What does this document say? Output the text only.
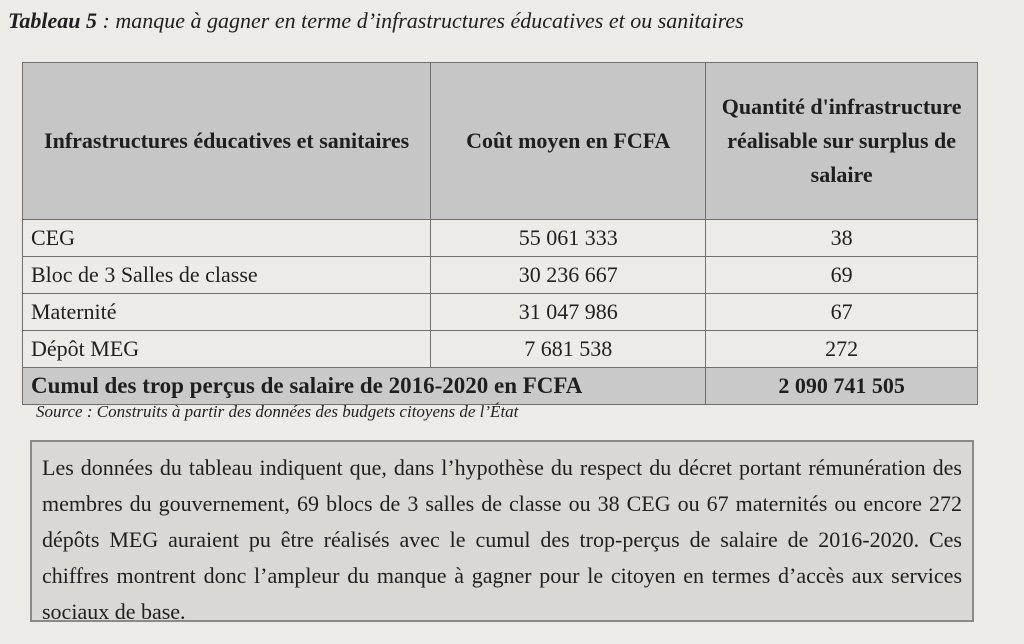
Tableau 5 : manque à gagner en terme d’infrastructures éducatives et ou sanitaires
Infrastructures éducatives et sanitaires	Coût moyen en FCFA	Quantité d'infrastructure réalisable sur surplus de salaire
CEG	55 061 333	38
Bloc de 3 Salles de classe	30 236 667	69
Maternité	31 047 986	67
Dépôt MEG	7 681 538	272
Cumul des trop perçus de salaire de 2016-2020 en FCFA		2 090 741 505
Source : Construits à partir des données des budgets citoyens de l’État
Les données du tableau indiquent que, dans l’hypothèse du respect du décret portant rémunération des membres du gouvernement, 69 blocs de 3 salles de classe ou 38 CEG ou 67 maternités ou encore 272 dépôts MEG auraient pu être réalisés avec le cumul des trop-perçus de salaire de 2016-2020. Ces chiffres montrent donc l’ampleur du manque à gagner pour le citoyen en termes d’accès aux services sociaux de base.
